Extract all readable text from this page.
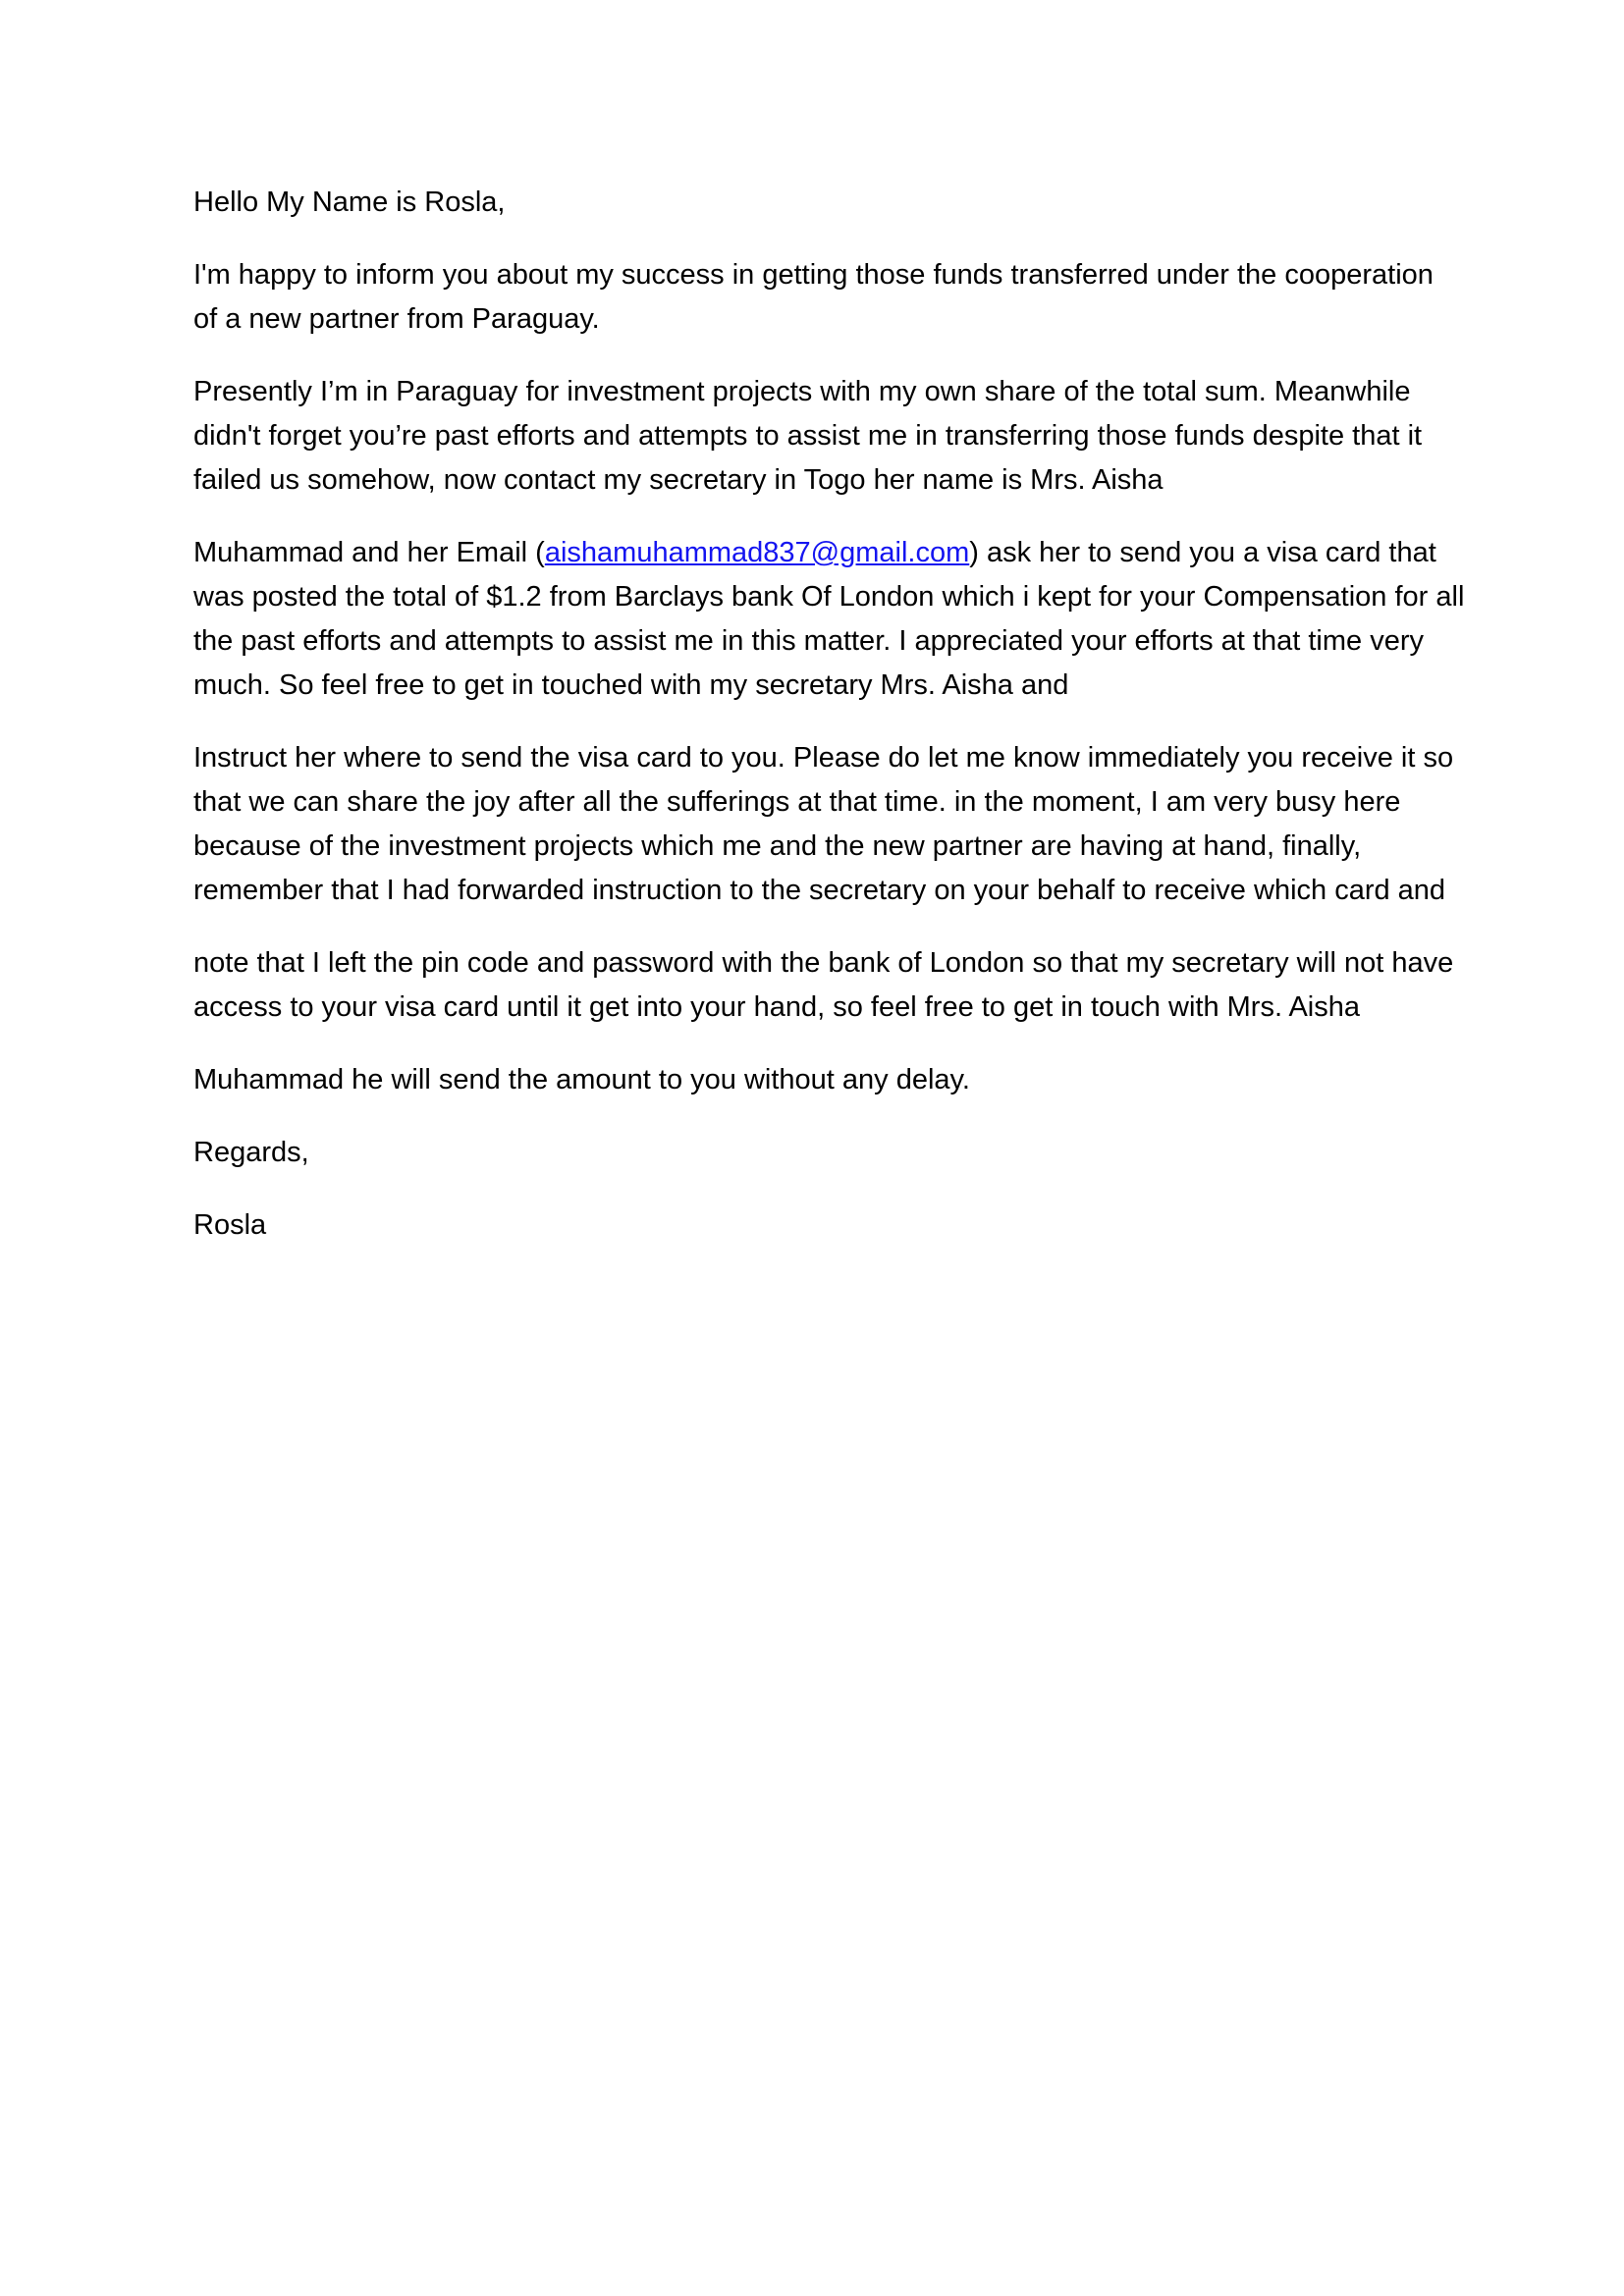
Hello My Name is Rosla,

I'm happy to inform you about my success in getting those funds transferred under the cooperation
of a new partner from Paraguay.

Presently I’m in Paraguay for investment projects with my own share of the total sum. Meanwhile
didn't forget you’re past efforts and attempts to assist me in transferring those funds despite that it
failed us somehow, now contact my secretary in Togo her name is Mrs. Aisha

Muhammad and her Email (aishamuhammad837@gmail.com) ask her to send you a visa card that
was posted the total of $1.2 from Barclays bank Of London which i kept for your Compensation for all
the past efforts and attempts to assist me in this matter. I appreciated your efforts at that time very
much. So feel free to get in touched with my secretary Mrs. Aisha and

Instruct her where to send the visa card to you. Please do let me know immediately you receive it so
that we can share the joy after all the sufferings at that time. in the moment, I am very busy here
because of the investment projects which me and the new partner are having at hand, finally,
remember that I had forwarded instruction to the secretary on your behalf to receive which card and

note that I left the pin code and password with the bank of London so that my secretary will not have
access to your visa card until it get into your hand, so feel free to get in touch with Mrs. Aisha

Muhammad he will send the amount to you without any delay.

Regards,

Rosla
